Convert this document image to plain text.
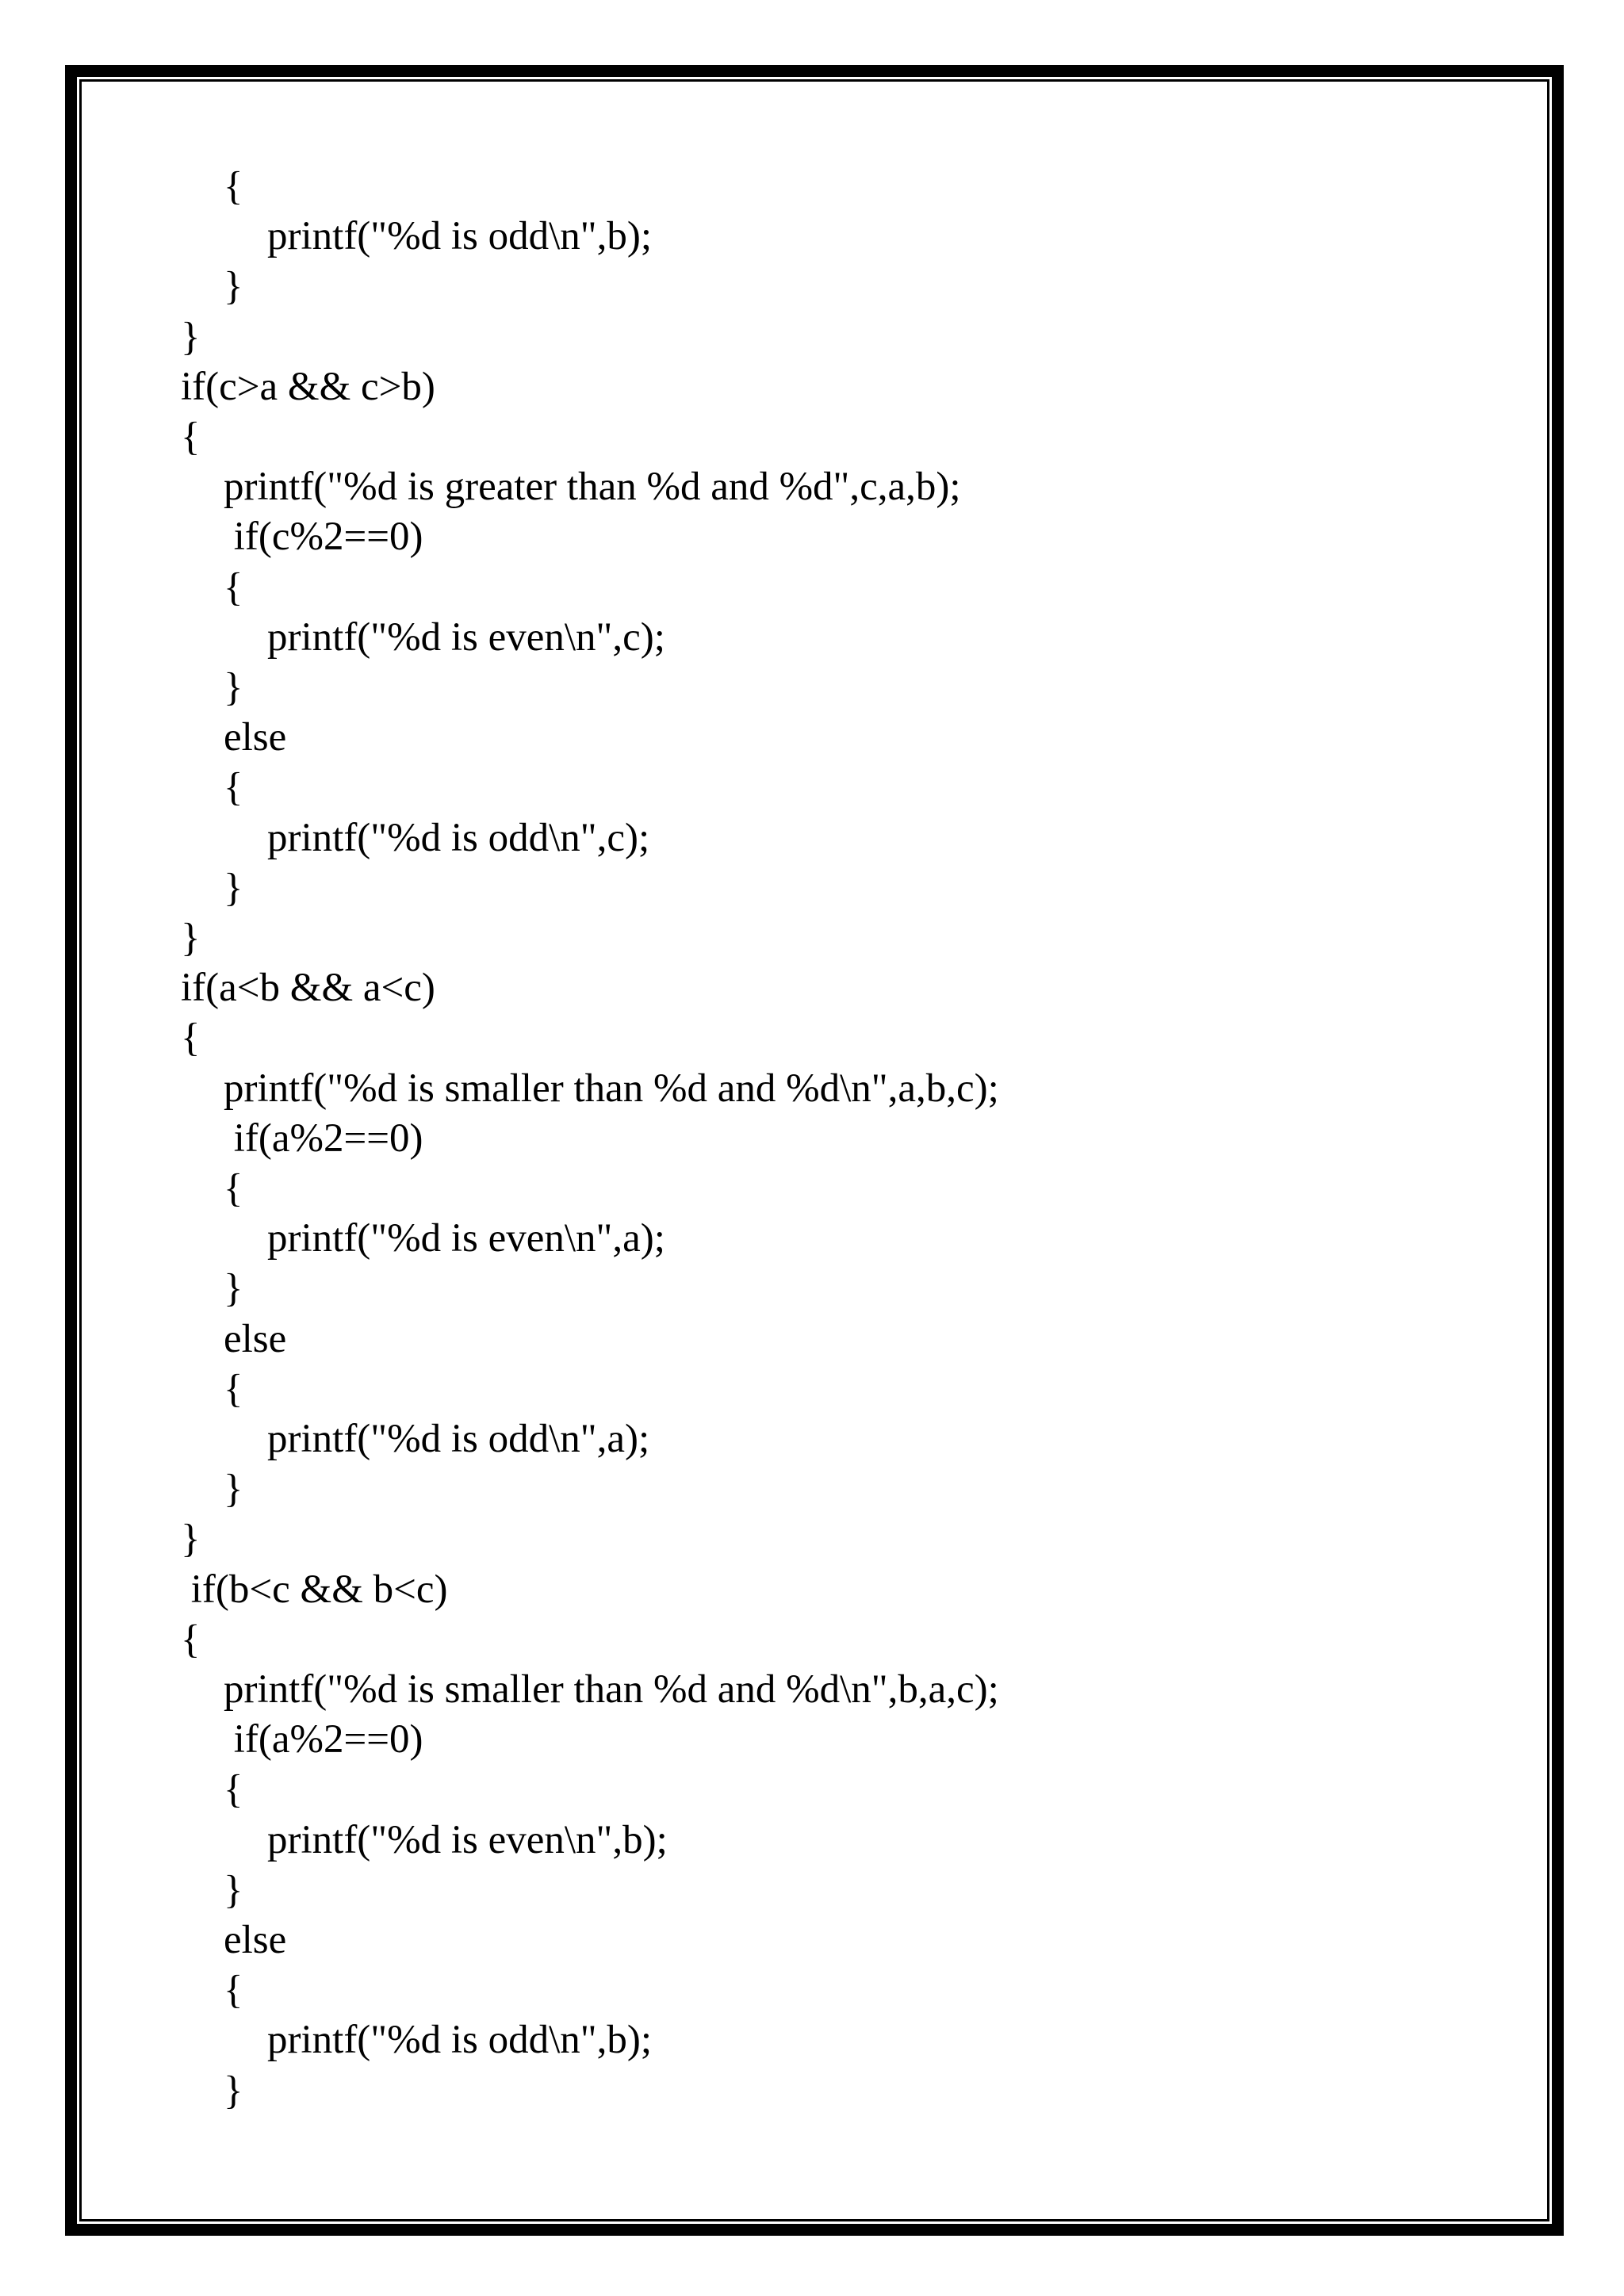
{
printf("%d is odd\n",b);
}
}
if(c>a && c>b)
{
printf("%d is greater than %d and %d",c,a,b);
if(c%2==0)
{
printf("%d is even\n",c);
}
else
{
printf("%d is odd\n",c);
}
}
if(a<b && a<c)
{
printf("%d is smaller than %d and %d\n",a,b,c);
if(a%2==0)
{
printf("%d is even\n",a);
}
else
{
printf("%d is odd\n",a);
}
}
if(b<c && b<c)
{
printf("%d is smaller than %d and %d\n",b,a,c);
if(a%2==0)
{
printf("%d is even\n",b);
}
else
{
printf("%d is odd\n",b);
}
